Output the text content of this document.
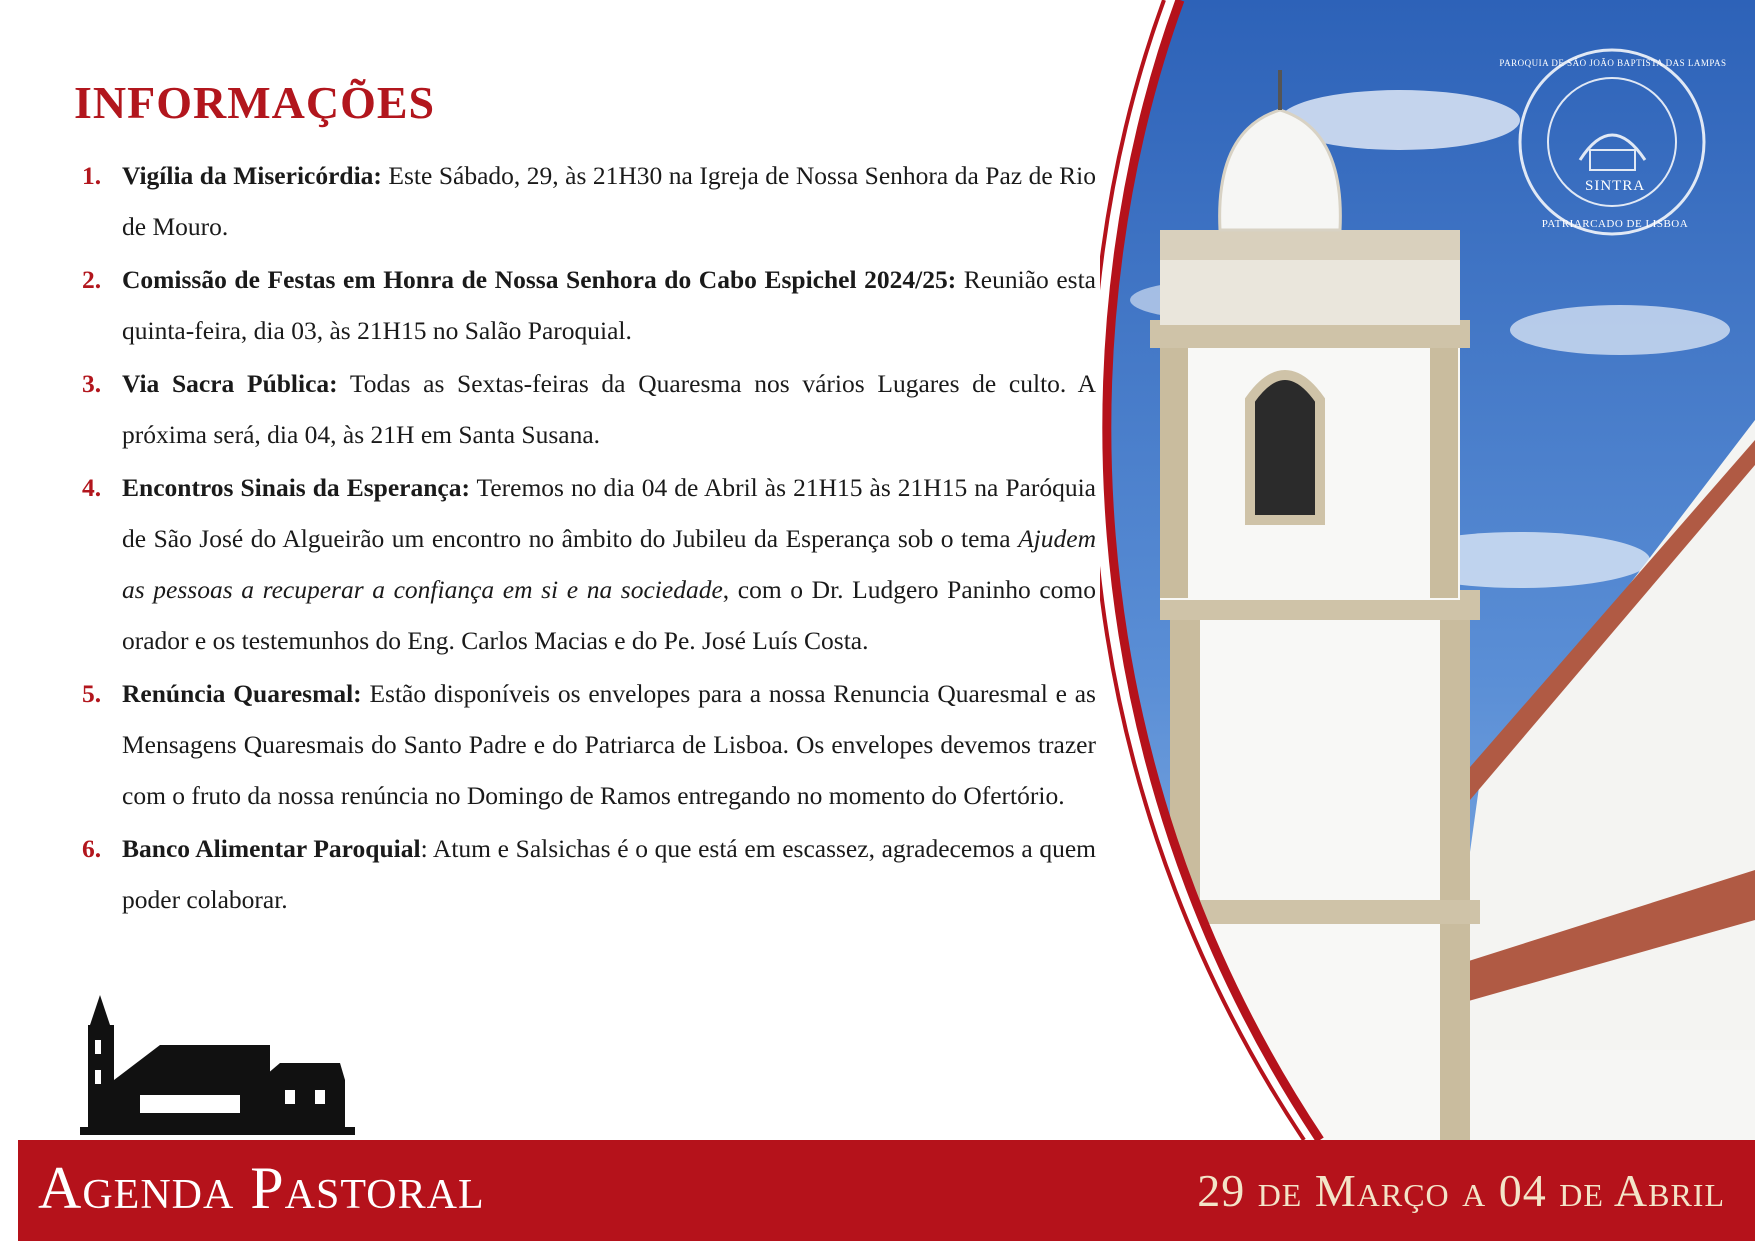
INFORMAÇÕES
1. Vigília da Misericórdia: Este Sábado, 29, às 21H30 na Igreja de Nossa Senhora da Paz de Rio de Mouro.
2. Comissão de Festas em Honra de Nossa Senhora do Cabo Espichel 2024/25: Reunião esta quinta-feira, dia 03, às 21H15 no Salão Paroquial.
3. Via Sacra Pública: Todas as Sextas-feiras da Quaresma nos vários Lugares de culto. A próxima será, dia 04, às 21H em Santa Susana.
4. Encontros Sinais da Esperança: Teremos no dia 04 de Abril às 21H15 às 21H15 na Paróquia de São José do Algueirão um encontro no âmbito do Jubileu da Esperança sob o tema Ajudem as pessoas a recuperar a confiança em si e na sociedade, com o Dr. Ludgero Paninho como orador e os testemunhos do Eng. Carlos Macias e do Pe. José Luís Costa.
5. Renúncia Quaresmal: Estão disponíveis os envelopes para a nossa Renuncia Quaresmal e as Mensagens Quaresmais do Santo Padre e do Patriarca de Lisboa. Os envelopes devemos trazer com o fruto da nossa renúncia no Domingo de Ramos entregando no momento do Ofertório.
6. Banco Alimentar Paroquial: Atum e Salsichas é o que está em escassez, agradecemos a quem poder colaborar.
SINTRA
PAROQUIA DE SÃO JOÃO BAPTISTA DAS LAMPAS
PATRIARCADO DE LISBOA
Agenda Pastoral	29 de Março a 04 de Abril
